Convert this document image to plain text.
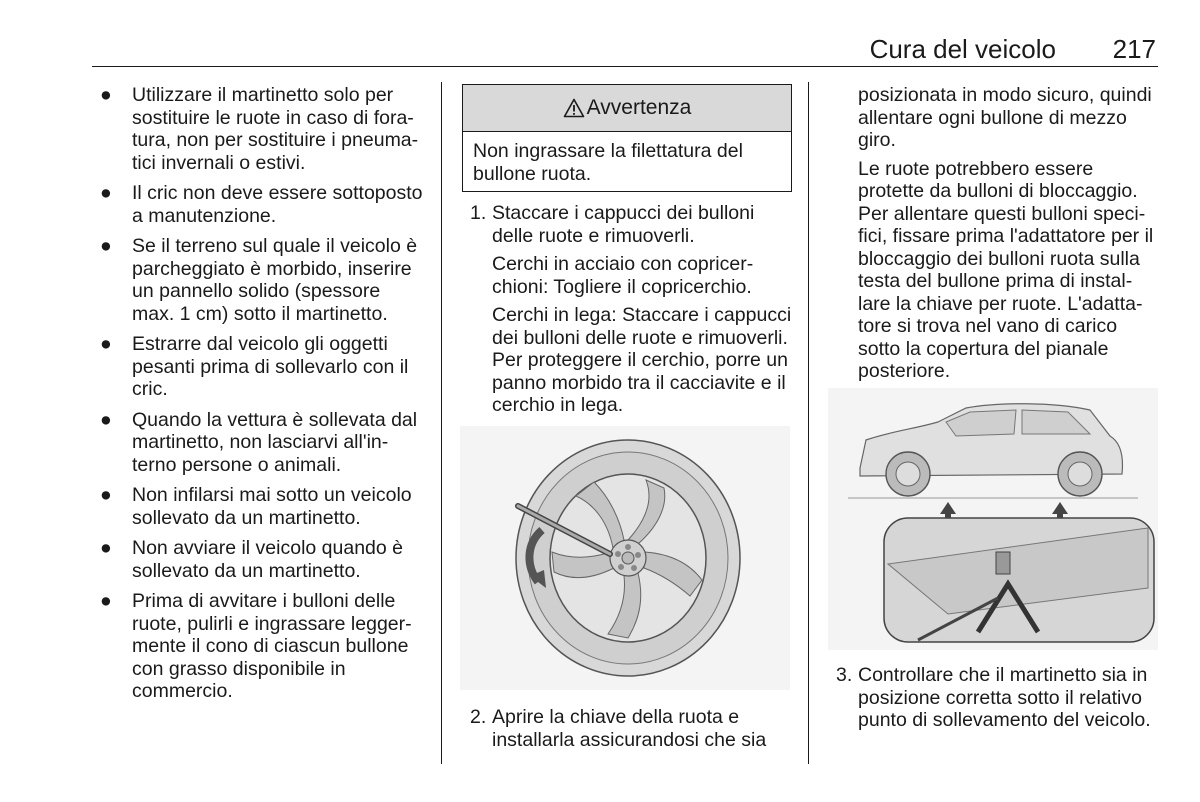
Cura del veicolo 217
● Utilizzare il martinetto solo per sostituire le ruote in caso di fora-tura, non per sostituire i pneuma-tici invernali o estivi.
● Il cric non deve essere sottoposto a manutenzione.
● Se il terreno sul quale il veicolo è parcheggiato è morbido, inserire un pannello solido (spessore max. 1 cm) sotto il martinetto.
● Estrarre dal veicolo gli oggetti pesanti prima di sollevarlo con il cric.
● Quando la vettura è sollevata dal martinetto, non lasciarvi all'in-terno persone o animali.
● Non infilarsi mai sotto un veicolo sollevato da un martinetto.
● Non avviare il veicolo quando è sollevato da un martinetto.
● Prima di avvitare i bulloni delle ruote, pulirli e ingrassare legger-mente il cono di ciascun bullone con grasso disponibile in commercio.
Avvertenza
Non ingrassare la filettatura del bullone ruota.
1. Staccare i cappucci dei bulloni delle ruote e rimuoverli.
Cerchi in acciaio con copricer-chioni: Togliere il copricerchio.
Cerchi in lega: Staccare i cappucci dei bulloni delle ruote e rimuoverli. Per proteggere il cerchio, porre un panno morbido tra il cacciavite e il cerchio in lega.
2. Aprire la chiave della ruota e installarla assicurandosi che sia
posizionata in modo sicuro, quindi allentare ogni bullone di mezzo giro.
Le ruote potrebbero essere protette da bulloni di bloccaggio. Per allentare questi bulloni speci-fici, fissare prima l'adattatore per il bloccaggio dei bulloni ruota sulla testa del bullone prima di instal-lare la chiave per ruote. L'adatta-tore si trova nel vano di carico sotto la copertura del pianale posteriore.
3. Controllare che il martinetto sia in posizione corretta sotto il relativo punto di sollevamento del veicolo.
